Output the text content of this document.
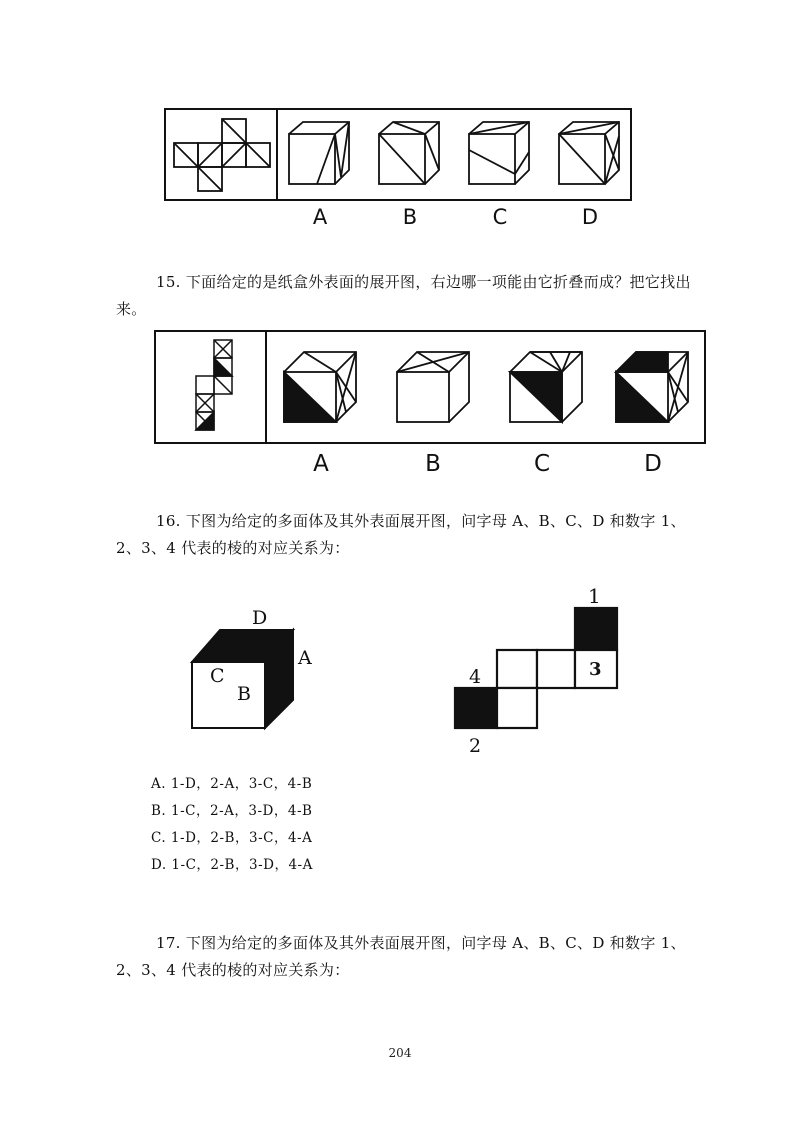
A	B	C	D
15. 下面给定的是纸盒外表面的展开图，右边哪一项能由它折叠而成？把它找出来。
A	B	C	D
16. 下图为给定的多面体及其外表面展开图，问字母 A、B、C、D 和数字 1、2、3、4 代表的棱的对应关系为：
D
A
C
B
1
3
4
2
A. 1-D，2-A，3-C，4-B
B. 1-C，2-A，3-D，4-B
C. 1-D，2-B，3-C，4-A
D. 1-C，2-B，3-D，4-A
17. 下图为给定的多面体及其外表面展开图，问字母 A、B、C、D 和数字 1、2、3、4 代表的棱的对应关系为：
204
